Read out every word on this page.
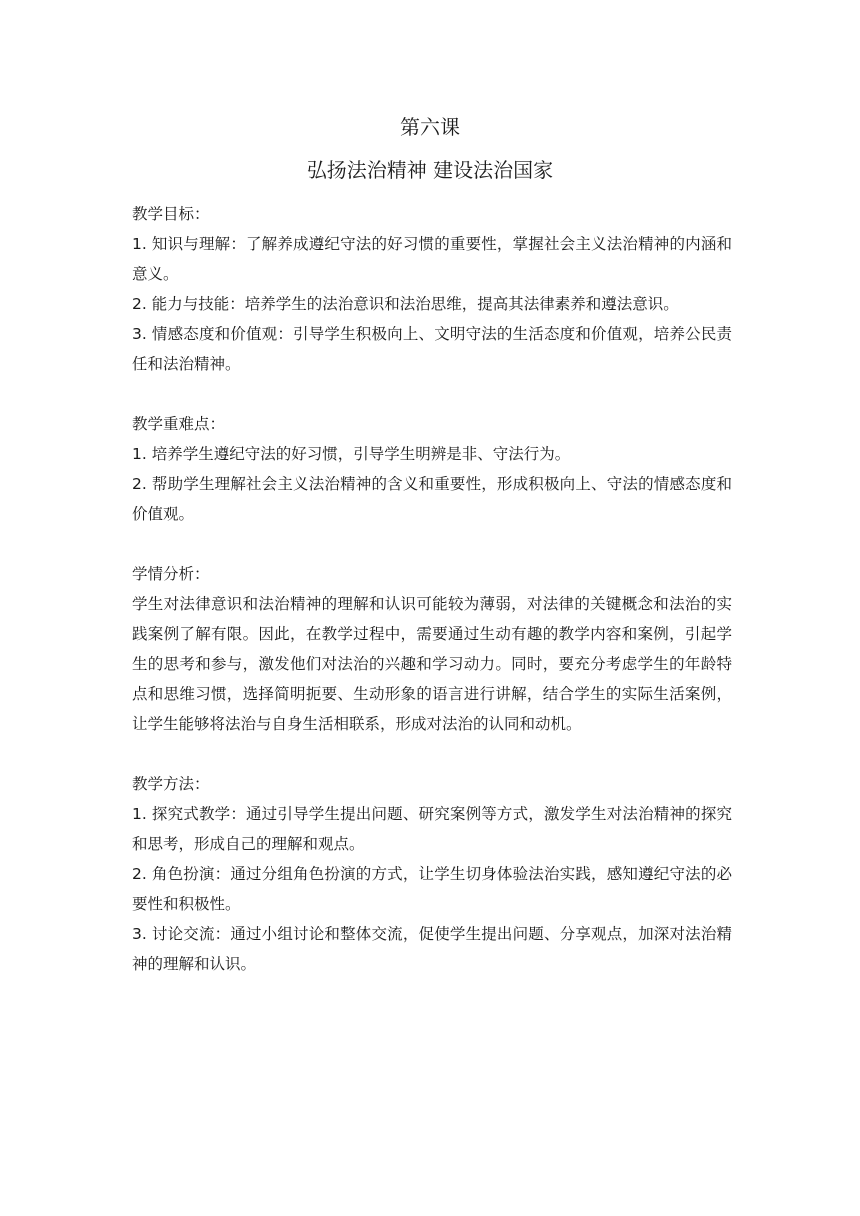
第六课
弘扬法治精神 建设法治国家

教学目标：

1. 知识与理解：了解养成遵纪守法的好习惯的重要性，掌握社会主义法治精神的内涵和意义。

2. 能力与技能：培养学生的法治意识和法治思维，提高其法律素养和遵法意识。

3. 情感态度和价值观：引导学生积极向上、文明守法的生活态度和价值观，培养公民责任和法治精神。

教学重难点：

1. 培养学生遵纪守法的好习惯，引导学生明辨是非、守法行为。

2. 帮助学生理解社会主义法治精神的含义和重要性，形成积极向上、守法的情感态度和价值观。

学情分析：

学生对法律意识和法治精神的理解和认识可能较为薄弱，对法律的关键概念和法治的实践案例了解有限。因此，在教学过程中，需要通过生动有趣的教学内容和案例，引起学生的思考和参与，激发他们对法治的兴趣和学习动力。同时，要充分考虑学生的年龄特点和思维习惯，选择简明扼要、生动形象的语言进行讲解，结合学生的实际生活案例，让学生能够将法治与自身生活相联系，形成对法治的认同和动机。

教学方法：

1. 探究式教学：通过引导学生提出问题、研究案例等方式，激发学生对法治精神的探究和思考，形成自己的理解和观点。

2. 角色扮演：通过分组角色扮演的方式，让学生切身体验法治实践，感知遵纪守法的必要性和积极性。

3. 讨论交流：通过小组讨论和整体交流，促使学生提出问题、分享观点，加深对法治精神的理解和认识。
